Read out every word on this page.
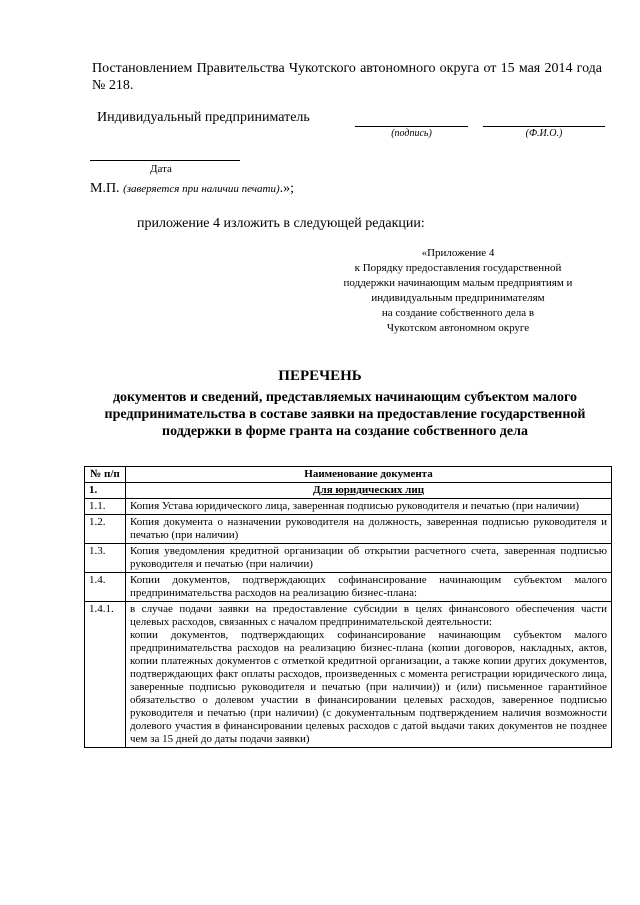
Постановлением Правительства Чукотского автономного округа от 15 мая 2014 года № 218.
Индивидуальный предприниматель
(подпись)	(Ф.И.О.)
Дата
М.П. (заверяется при наличии печати).»;
приложение 4 изложить в следующей редакции:
«Приложение 4
к Порядку предоставления государственной
поддержки начинающим малым предприятиям и
индивидуальным предпринимателям
на создание собственного дела в
Чукотском автономном округе
ПЕРЕЧЕНЬ
документов и сведений, представляемых начинающим субъектом малого предпринимательства в составе заявки на предоставление государственной поддержки в форме гранта на создание собственного дела
№ п/п	Наименование документа
1.	Для юридических лиц
1.1.	Копия Устава юридического лица, заверенная подписью руководителя и печатью (при наличии)
1.2.	Копия документа о назначении руководителя на должность, заверенная подписью руководителя и печатью (при наличии)
1.3.	Копия уведомления кредитной организации об открытии расчетного счета, заверенная подписью руководителя и печатью (при наличии)
1.4.	Копии документов, подтверждающих софинансирование начинающим субъектом малого предпринимательства расходов на реализацию бизнес-плана:
1.4.1.	в случае подачи заявки на предоставление субсидии в целях финансового обеспечения части целевых расходов, связанных с началом предпринимательской деятельности:
копии документов, подтверждающих софинансирование начинающим субъектом малого предпринимательства расходов на реализацию бизнес-плана (копии договоров, накладных, актов, копии платежных документов с отметкой кредитной организации, а также копии других документов, подтверждающих факт оплаты расходов, произведенных с момента регистрации юридического лица, заверенные подписью руководителя и печатью (при наличии)) и (или) письменное гарантийное обязательство о долевом участии в финансировании целевых расходов, заверенное подписью руководителя и печатью (при наличии) (с документальным подтверждением наличия возможности долевого участия в финансировании целевых расходов с датой выдачи таких документов не позднее чем за 15 дней до даты подачи заявки)
